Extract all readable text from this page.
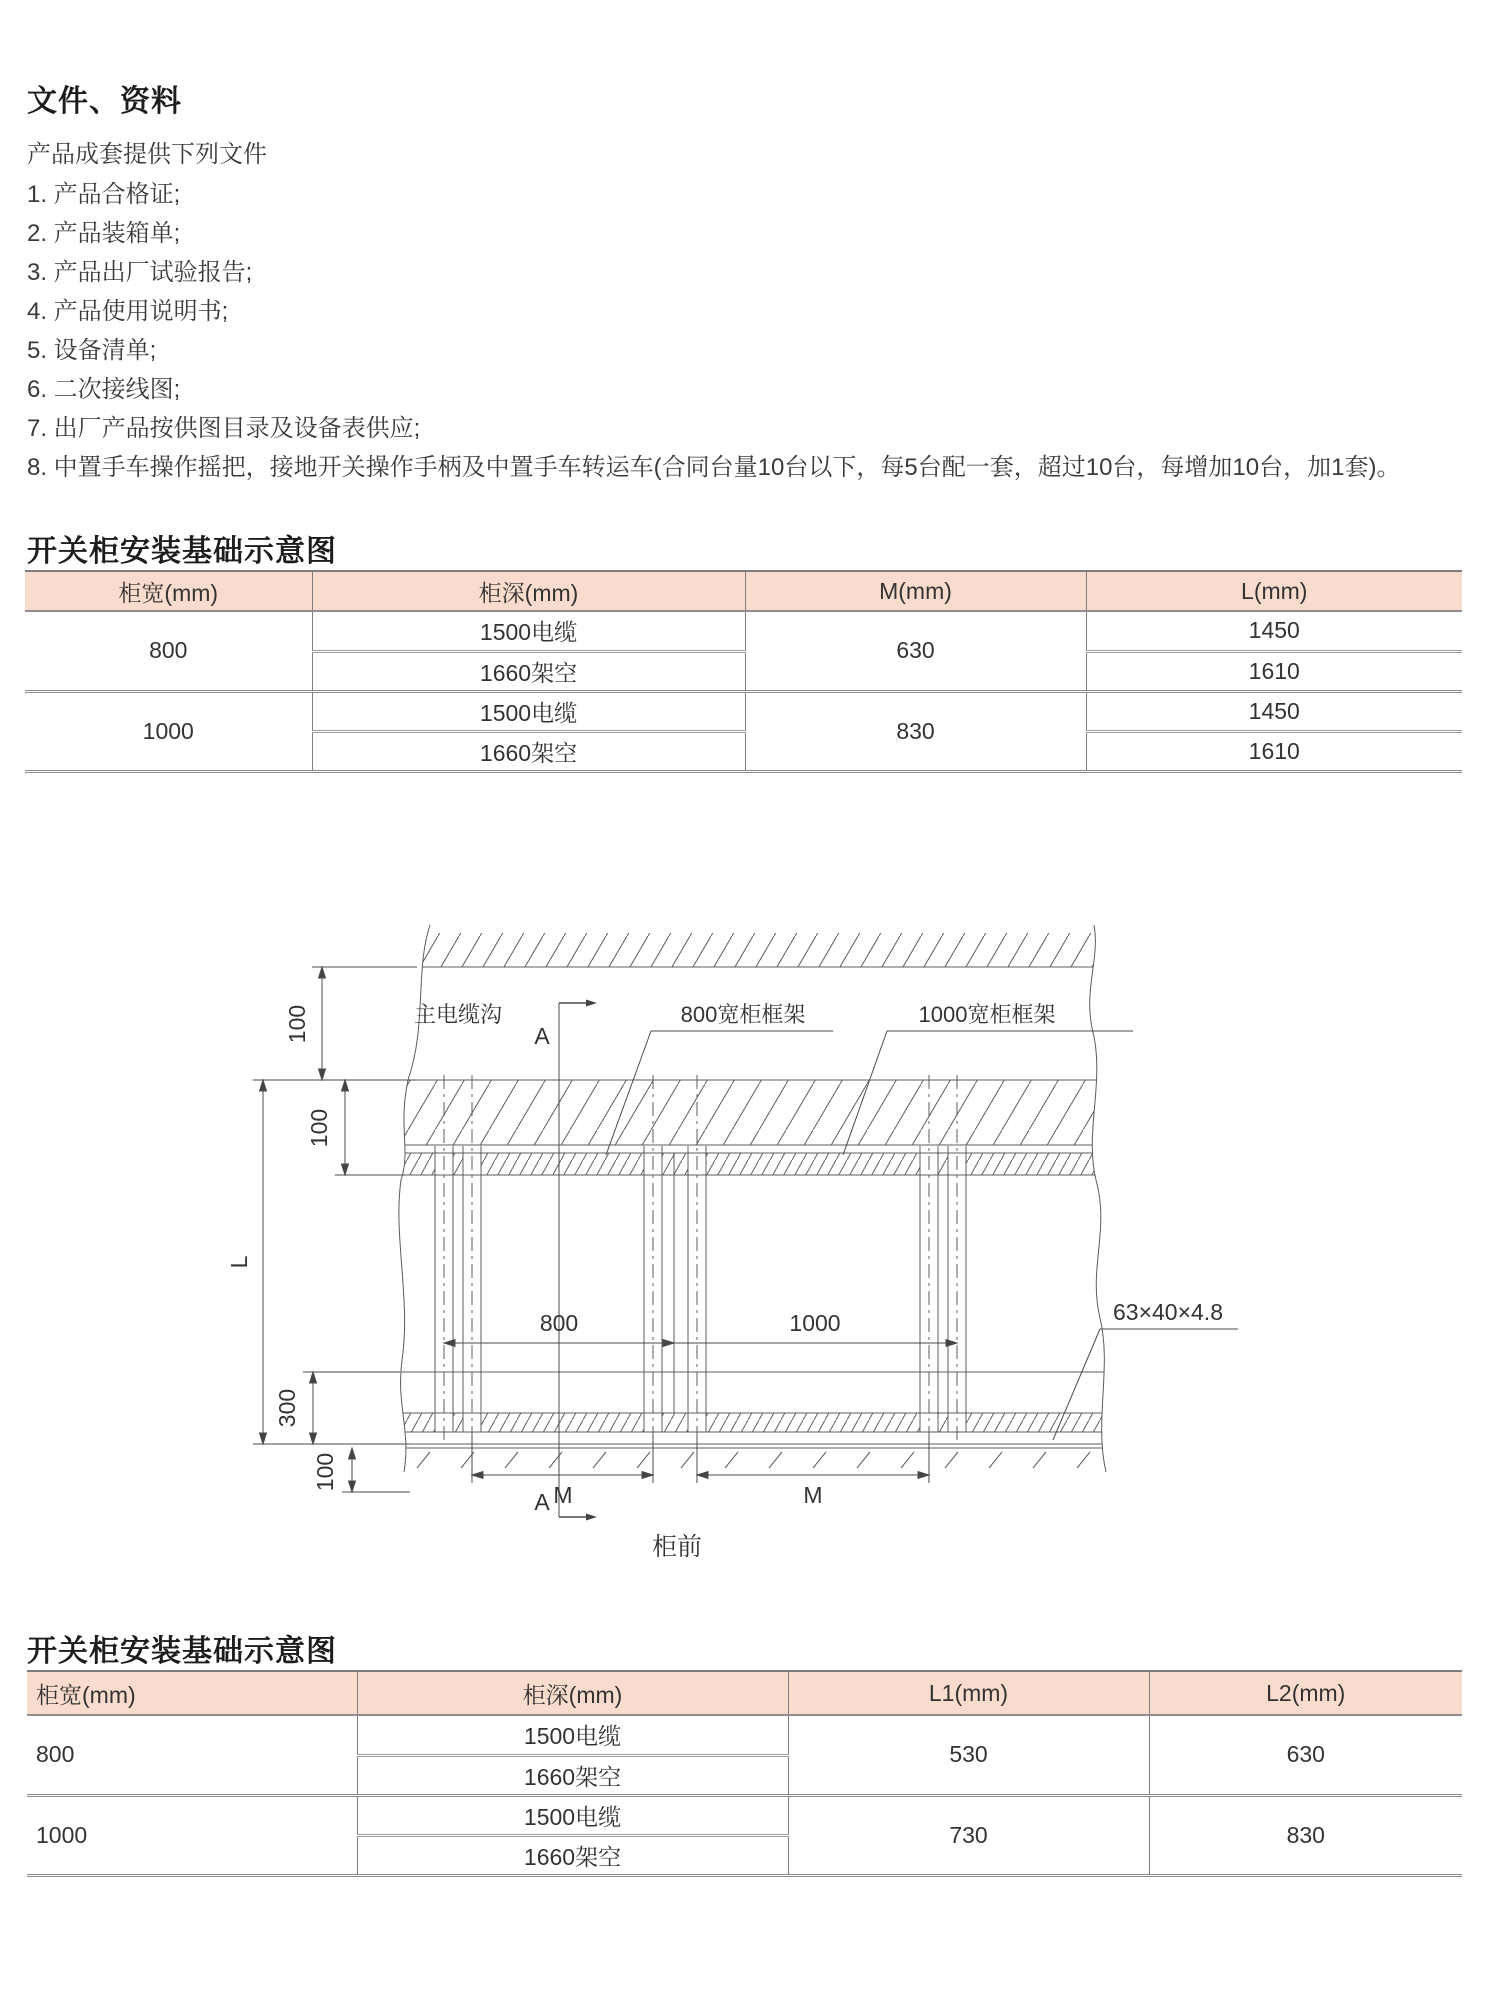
文件、资料
产品成套提供下列文件
1. 产品合格证;
2. 产品装箱单;
3. 产品出厂试验报告;
4. 产品使用说明书;
5. 设备清单;
6. 二次接线图;
7. 出厂产品按供图目录及设备表供应;
8. 中置手车操作摇把，接地开关操作手柄及中置手车转运车(合同台量10台以下，每5台配一套，超过10台，每增加10台，加1套)。
开关柜安装基础示意图
柜宽(mm)	柜深(mm)	M(mm)	L(mm)
800	1500电缆	630	1450
	1660架空		1610
1000	1500电缆	830	1450
	1660架空		1610
A
A
主电缆沟	800宽柜框架	1000宽柜框架
63×40×4.8
800	1000
M	M
100
100
L
300
100
柜前
开关柜安装基础示意图
柜宽(mm)	柜深(mm)	L1(mm)	L2(mm)
800	1500电缆	530	630
	1660架空		
1000	1500电缆	730	830
	1660架空		
